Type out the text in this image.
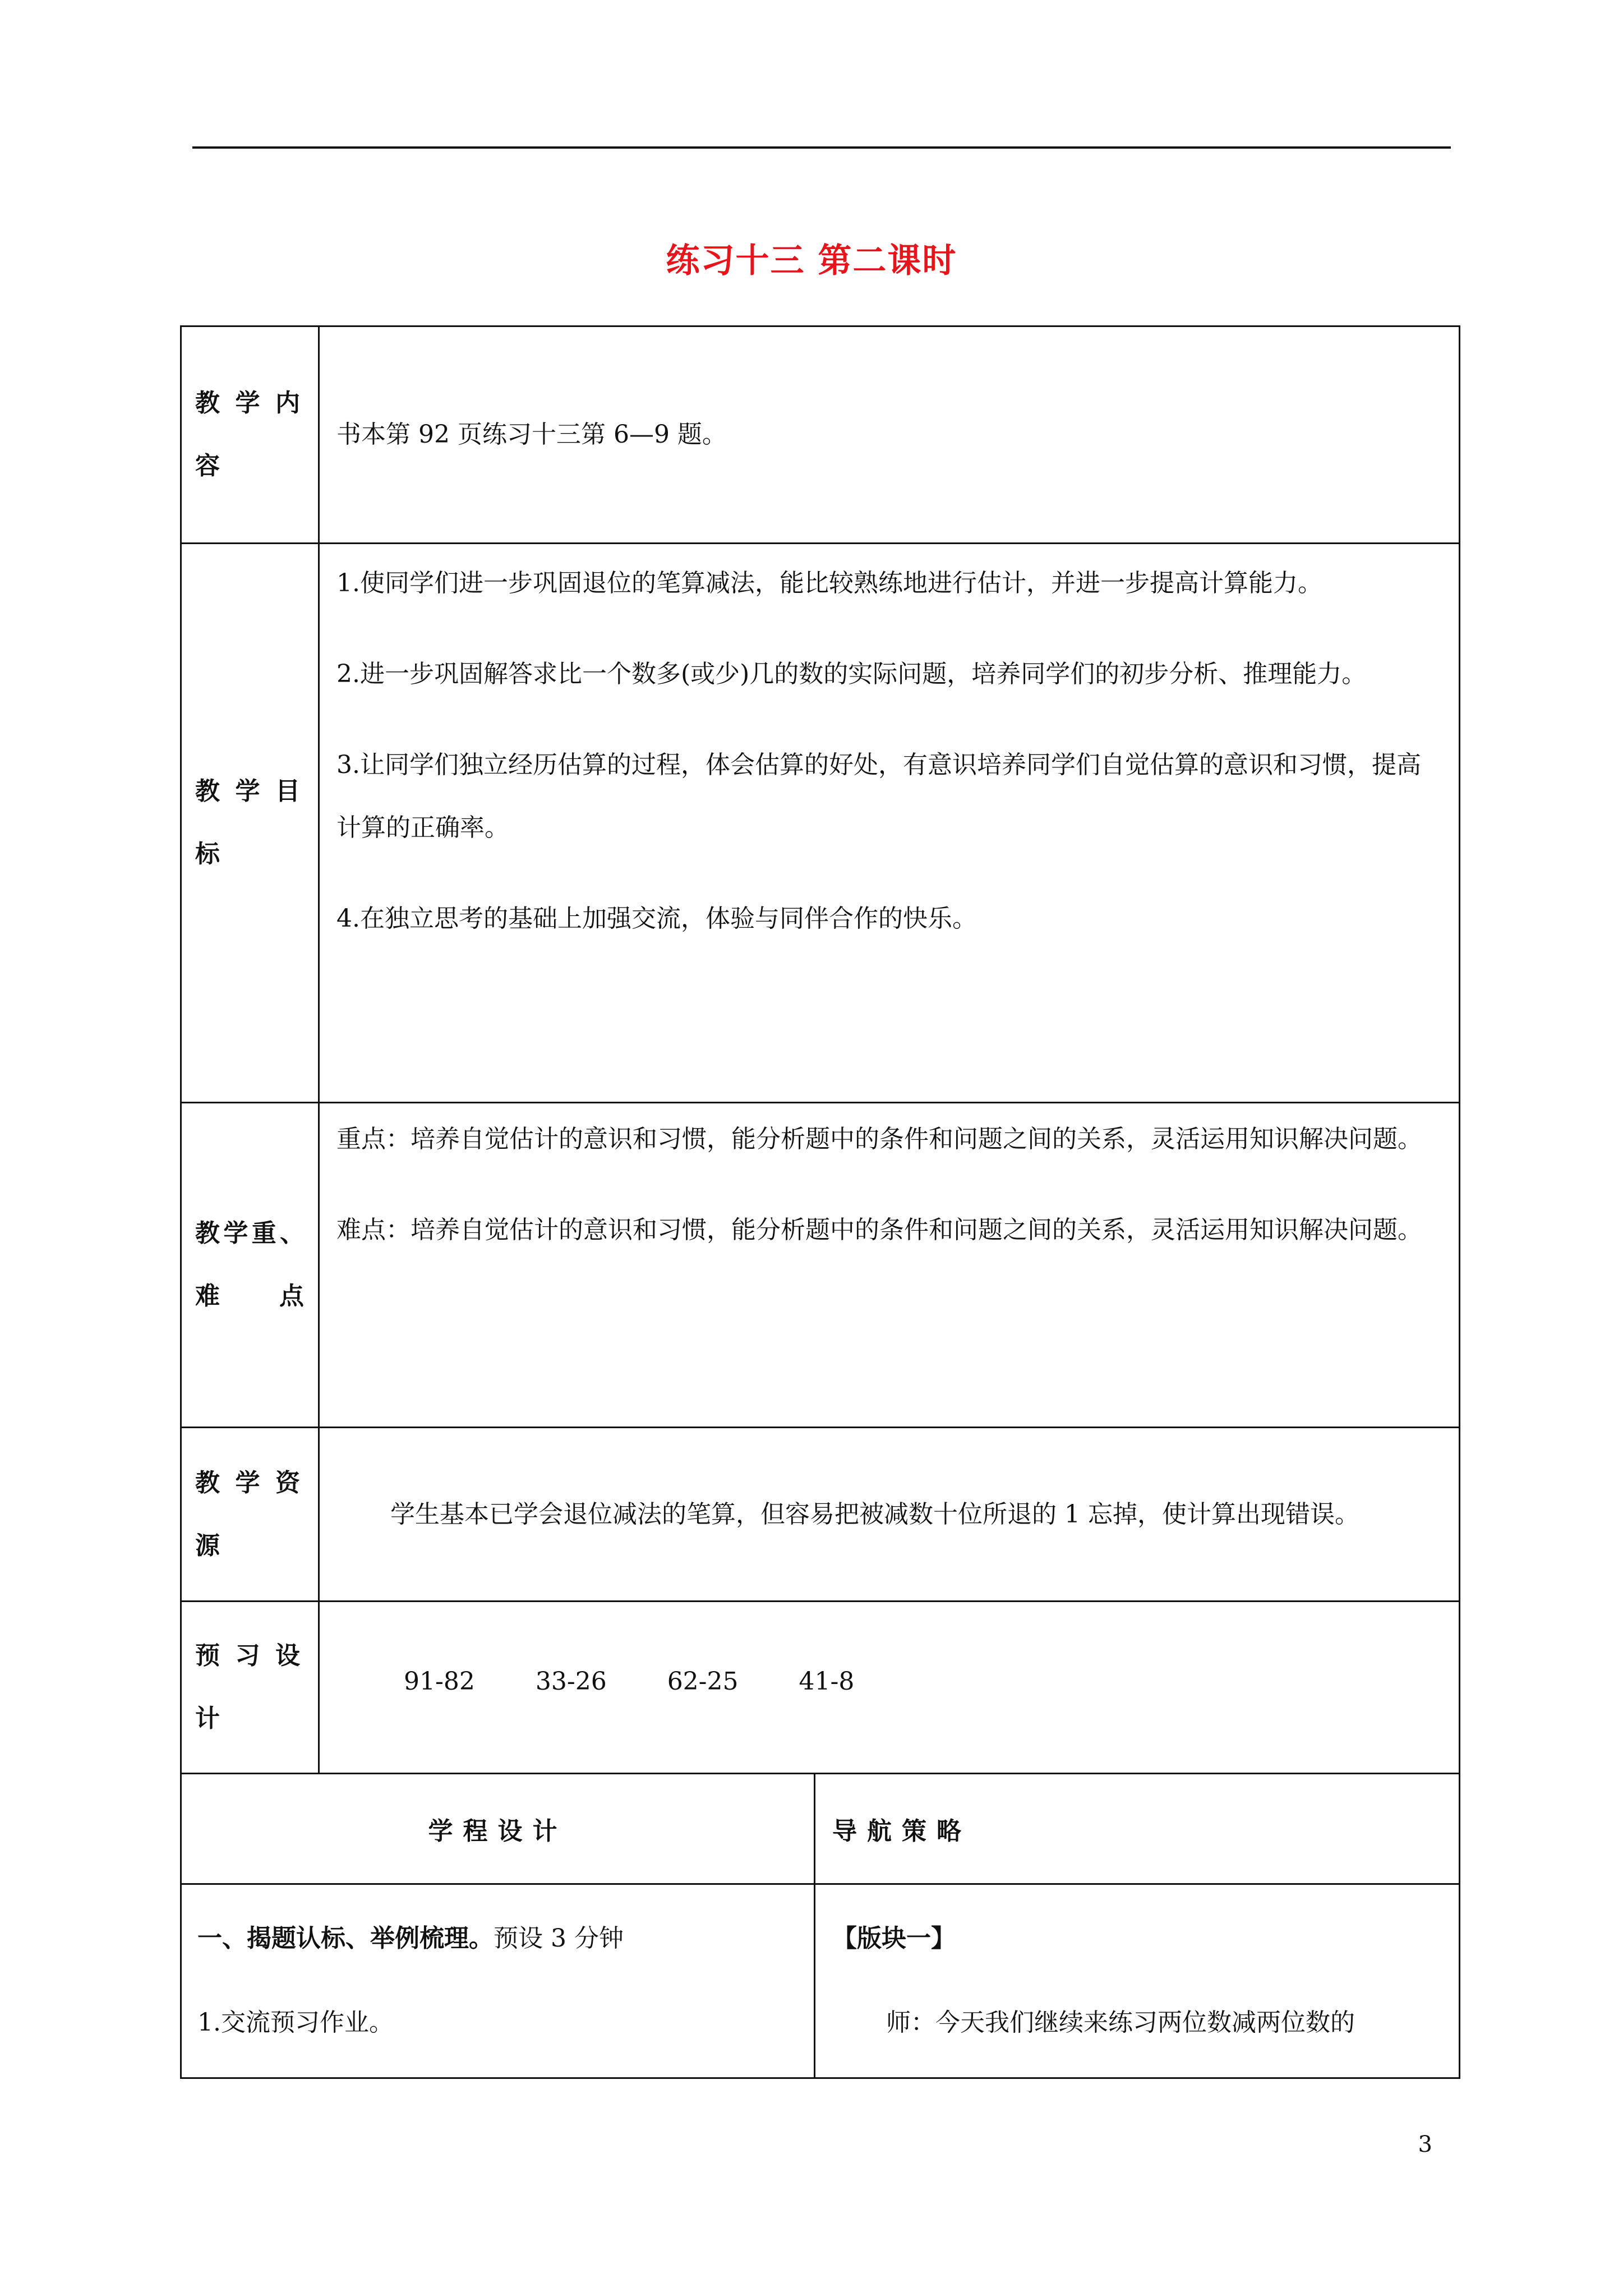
练习十三 第二课时
教学内容

书本第 92 页练习十三第 6—9 题。

教学目标

1.使同学们进一步巩固退位的笔算减法，能比较熟练地进行估计，并进一步提高计算能力。

2.进一步巩固解答求比一个数多(或少)几的数的实际问题，培养同学们的初步分析、推理能力。

3.让同学们独立经历估算的过程，体会估算的好处，有意识培养同学们自觉估算的意识和习惯，提高计算的正确率。

4.在独立思考的基础上加强交流，体验与同伴合作的快乐。

教学重、难　　点

重点：培养自觉估计的意识和习惯，能分析题中的条件和问题之间的关系，灵活运用知识解决问题。

难点：培养自觉估计的意识和习惯，能分析题中的条件和问题之间的关系，灵活运用知识解决问题。

教学资源

学生基本已学会退位减法的笔算，但容易把被减数十位所退的 1 忘掉，使计算出现错误。

预习设计
91-82 33-26 62-25 41-8
学程设计	导航策略

一、揭题认标、举例梳理。预设 3 分钟

1.交流预习作业。

【版块一】

师：今天我们继续来练习两位数减两位数的

3
